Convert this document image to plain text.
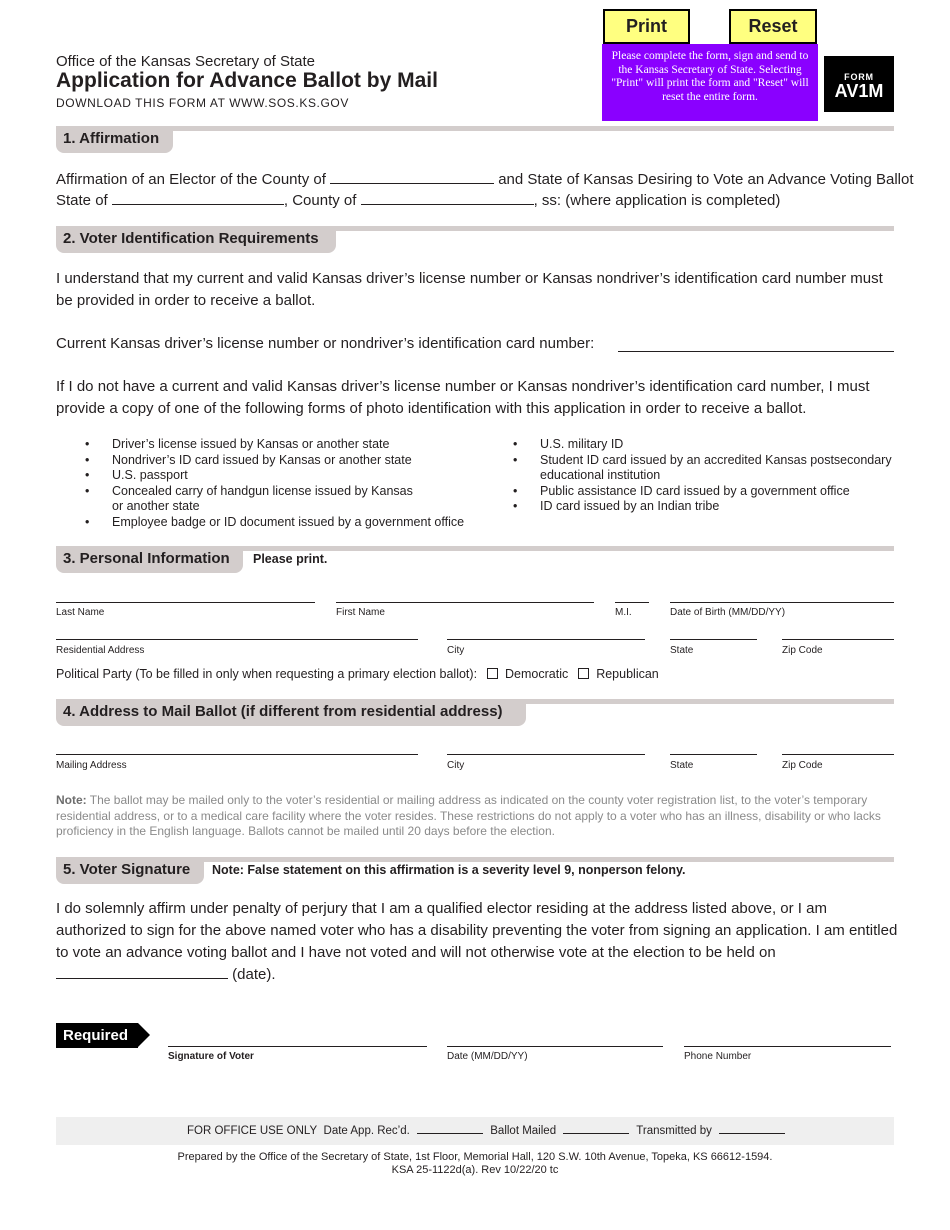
Office of the Kansas Secretary of State
Application for Advance Ballot by Mail
DOWNLOAD THIS FORM AT WWW.SOS.KS.GOV
Print	Reset
Please complete the form, sign and send to the Kansas Secretary of State. Selecting "Print" will print the form and "Reset" will reset the entire form.
FORM
AV1M
1. Affirmation
Affirmation of an Elector of the County of	and State of Kansas Desiring to Vote an Advance Voting Ballot
State of	, County of	, ss: (where application is completed)
2. Voter Identification Requirements
I understand that my current and valid Kansas driver’s license number or Kansas nondriver’s identification card number must be provided in order to receive a ballot.
Current Kansas driver’s license number or nondriver’s identification card number:
If I do not have a current and valid Kansas driver’s license number or Kansas nondriver’s identification card number, I must provide a copy of one of the following forms of photo identification with this application in order to receive a ballot.
• Driver’s license issued by Kansas or another state
• Nondriver’s ID card issued by Kansas or another state
• U.S. passport
• Concealed carry of handgun license issued by Kansas or another state
• Employee badge or ID document issued by a government office
• U.S. military ID
• Student ID card issued by an accredited Kansas postsecondary educational institution
• Public assistance ID card issued by a government office
• ID card issued by an Indian tribe
3. Personal Information	Please print.
Last Name	First Name	M.I.	Date of Birth (MM/DD/YY)
Residential Address	City	State	Zip Code
Political Party (To be filled in only when requesting a primary election ballot): Democratic Republican
4. Address to Mail Ballot (if different from residential address)
Mailing Address	City	State	Zip Code
Note: The ballot may be mailed only to the voter’s residential or mailing address as indicated on the county voter registration list, to the voter’s temporary residential address, or to a medical care facility where the voter resides. These restrictions do not apply to a voter who has an illness, disability or who lacks proficiency in the English language. Ballots cannot be mailed until 20 days before the election.
5. Voter Signature	Note: False statement on this affirmation is a severity level 9, nonperson felony.
I do solemnly affirm under penalty of perjury that I am a qualified elector residing at the address listed above, or I am authorized to sign for the above named voter who has a disability preventing the voter from signing an application. I am entitled to vote an advance voting ballot and I have not voted and will not otherwise vote at the election to be held on
(date).
Required
Signature of Voter	Date (MM/DD/YY)	Phone Number
FOR OFFICE USE ONLY Date App. Rec’d.	Ballot Mailed	Transmitted by
Prepared by the Office of the Secretary of State, 1st Floor, Memorial Hall, 120 S.W. 10th Avenue, Topeka, KS 66612-1594.
KSA 25-1122d(a). Rev 10/22/20 tc
